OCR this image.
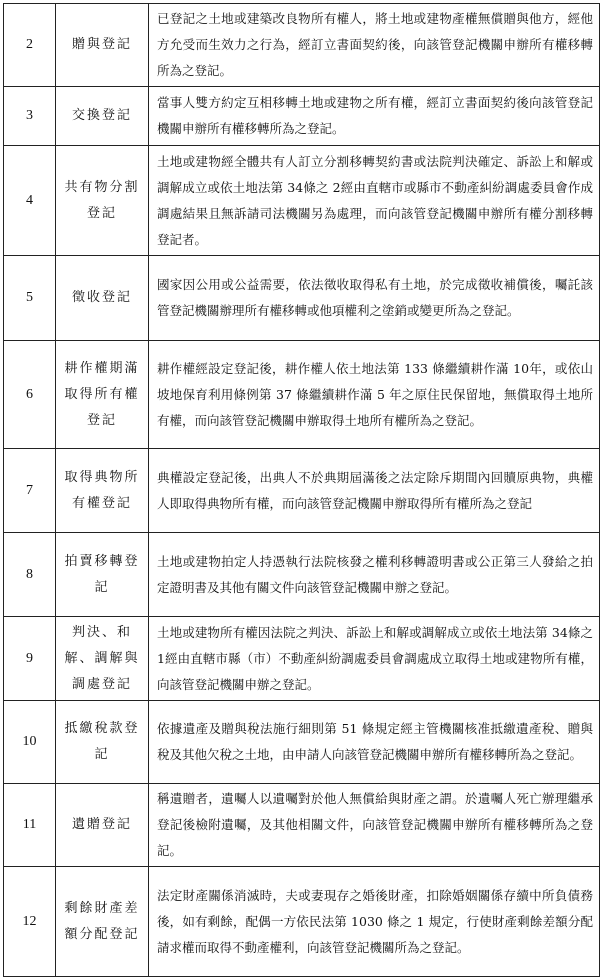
2	贈與登記	已登記之土地或建築改良物所有權人，將土地或建物產權無償贈與他方，經他方允受而生效力之行為，經訂立書面契約後，向該管登記機關申辦所有權移轉所為之登記。
3	交換登記	當事人雙方約定互相移轉土地或建物之所有權，經訂立書面契約後向該管登記機關申辦所有權移轉所為之登記。
4	共有物分割登記	土地或建物經全體共有人訂立分割移轉契約書或法院判決確定、訴訟上和解或調解成立或依土地法第 34條之 2經由直轄市或縣市不動產糾紛調處委員會作成調處結果且無訴請司法機關另為處理，而向該管登記機關申辦所有權分割移轉登記者。
5	徵收登記	國家因公用或公益需要，依法徵收取得私有土地，於完成徵收補償後，囑託該管登記機關辦理所有權移轉或他項權利之塗銷或變更所為之登記。
6	耕作權期滿取得所有權登記	耕作權經設定登記後，耕作權人依土地法第 133 條繼續耕作滿 10年，或依山坡地保育利用條例第 37 條繼續耕作滿 5 年之原住民保留地，無償取得土地所有權，而向該管登記機關申辦取得土地所有權所為之登記。
7	取得典物所有權登記	典權設定登記後，出典人不於典期屆滿後之法定除斥期間內回贖原典物，典權人即取得典物所有權，而向該管登記機關申辦取得所有權所為之登記
8	拍賣移轉登記	土地或建物拍定人持憑執行法院核發之權利移轉證明書或公正第三人發給之拍定證明書及其他有關文件向該管登記機關申辦之登記。
9	判決、和解、調解與調處登記	土地或建物所有權因法院之判決、訴訟上和解或調解成立或依土地法第 34條之 1經由直轄市縣（市）不動產糾紛調處委員會調處成立取得土地或建物所有權，向該管登記機關申辦之登記。
10	抵繳稅款登記	依據遺產及贈與稅法施行細則第 51 條規定經主管機關核准抵繳遺產稅、贈與稅及其他欠稅之土地，由申請人向該管登記機關申辦所有權移轉所為之登記。
11	遺贈登記	稱遺贈者，遺囑人以遺囑對於他人無償給與財產之謂。於遺囑人死亡辦理繼承登記後檢附遺囑，及其他相關文件，向該管登記機關申辦所有權移轉所為之登記。
12	剩餘財產差額分配登記	法定財產關係消滅時，夫或妻現存之婚後財產，扣除婚姻關係存續中所負債務後，如有剩餘，配偶一方依民法第 1030 條之 1 規定，行使財產剩餘差額分配請求權而取得不動產權利，向該管登記機關所為之登記。
